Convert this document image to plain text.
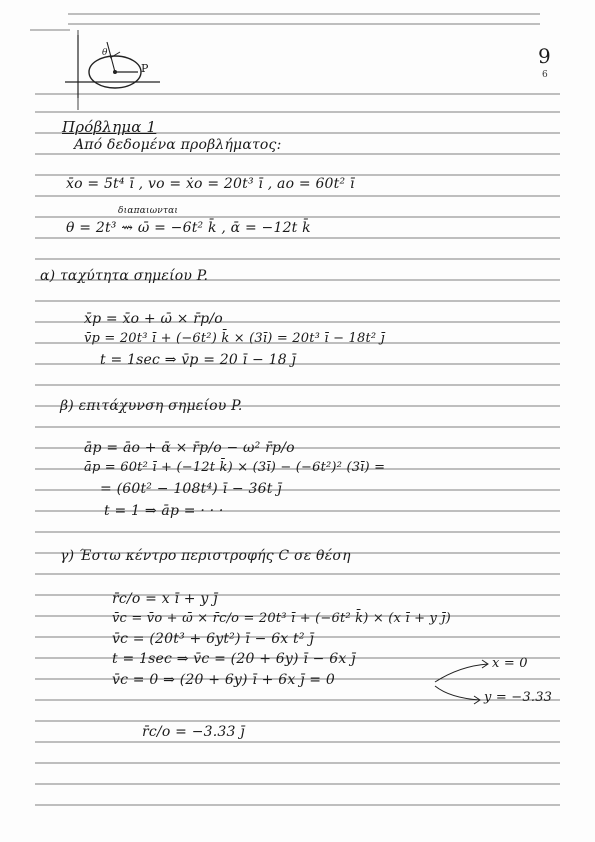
P
θ	9
6
Πρόβλημα 1
Από δεδομένα προβλήματος:
x̄o = 5t⁴ ī , vo = ẋo = 20t³ ī , ao = 60t² ī
διαπαιωνται
θ = 2t³ ⇝ ω̄ = −6t² k̄ , ᾱ = −12t k̄
α) ταχύτητα σημείου P.
x̄p = x̄o + ω̄ × r̄p/o
v̄p = 20t³ ī + (−6t²) k̄ × (3ī) = 20t³ ī − 18t² j̄
t = 1sec ⇒ v̄p = 20 ī − 18 j̄
β) επιτάχυνση σημείου P.
āp = āo + ᾱ × r̄p/o − ω² r̄p/o
āp = 60t² ī + (−12t k̄) × (3ī) − (−6t²)² (3ī) =
= (60t² − 108t⁴) ī − 36t j̄
t = 1 ⇒ āp = · · ·
γ) Έστω κέντρο περιστροφής C σε θέση
r̄c/o = x ī + y j̄
v̄c = v̄o + ω̄ × r̄c/o = 20t³ ī + (−6t² k̄) × (x ī + y j̄)
v̄c = (20t³ + 6yt²) ī − 6x t² j̄
t = 1sec ⇒ v̄c = (20 + 6y) ī − 6x j̄
v̄c = 0 ⇒ (20 + 6y) ī + 6x j̄ = 0
x = 0
y = −3.33
r̄c/o = −3.33 j̄
